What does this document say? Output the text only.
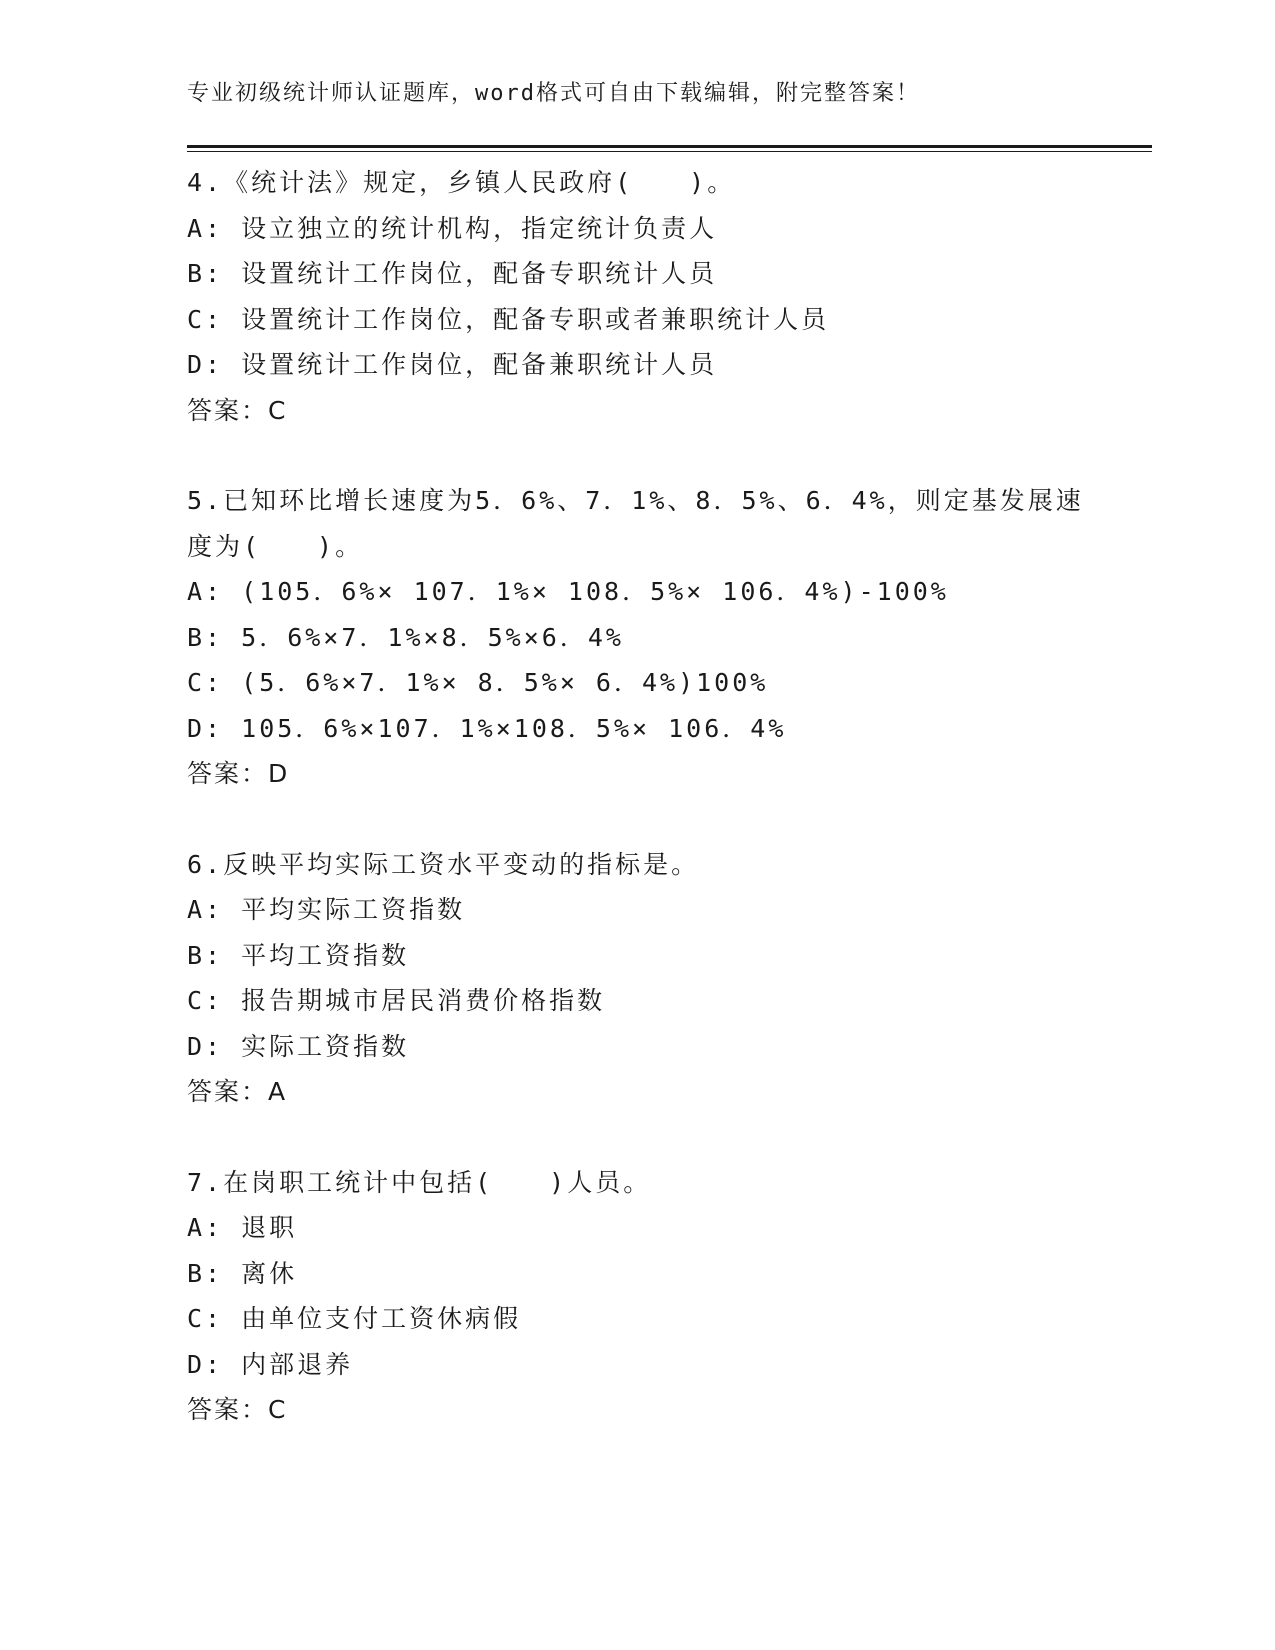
专业初级统计师认证题库，word格式可自由下载编辑，附完整答案！
4.《统计法》规定，乡镇人民政府(　　)。
A: 设立独立的统计机构，指定统计负责人
B: 设置统计工作岗位，配备专职统计人员
C: 设置统计工作岗位，配备专职或者兼职统计人员
D: 设置统计工作岗位，配备兼职统计人员
答案：C
5.已知环比增长速度为5．6%、7．1%、8．5%、6．4%，则定基发展速
度为(　　)。
A: (105．6%× 107．1%× 108．5%× 106．4%)-100%
B: 5．6%×7．1%×8．5%×6．4%
C: (5．6%×7．1%× 8．5%× 6．4%)100%
D: 105．6%×107．1%×108．5%× 106．4%
答案：D
6.反映平均实际工资水平变动的指标是。
A: 平均实际工资指数
B: 平均工资指数
C: 报告期城市居民消费价格指数
D: 实际工资指数
答案：A
7.在岗职工统计中包括(　　)人员。
A: 退职
B: 离休
C: 由单位支付工资休病假
D: 内部退养
答案：C
